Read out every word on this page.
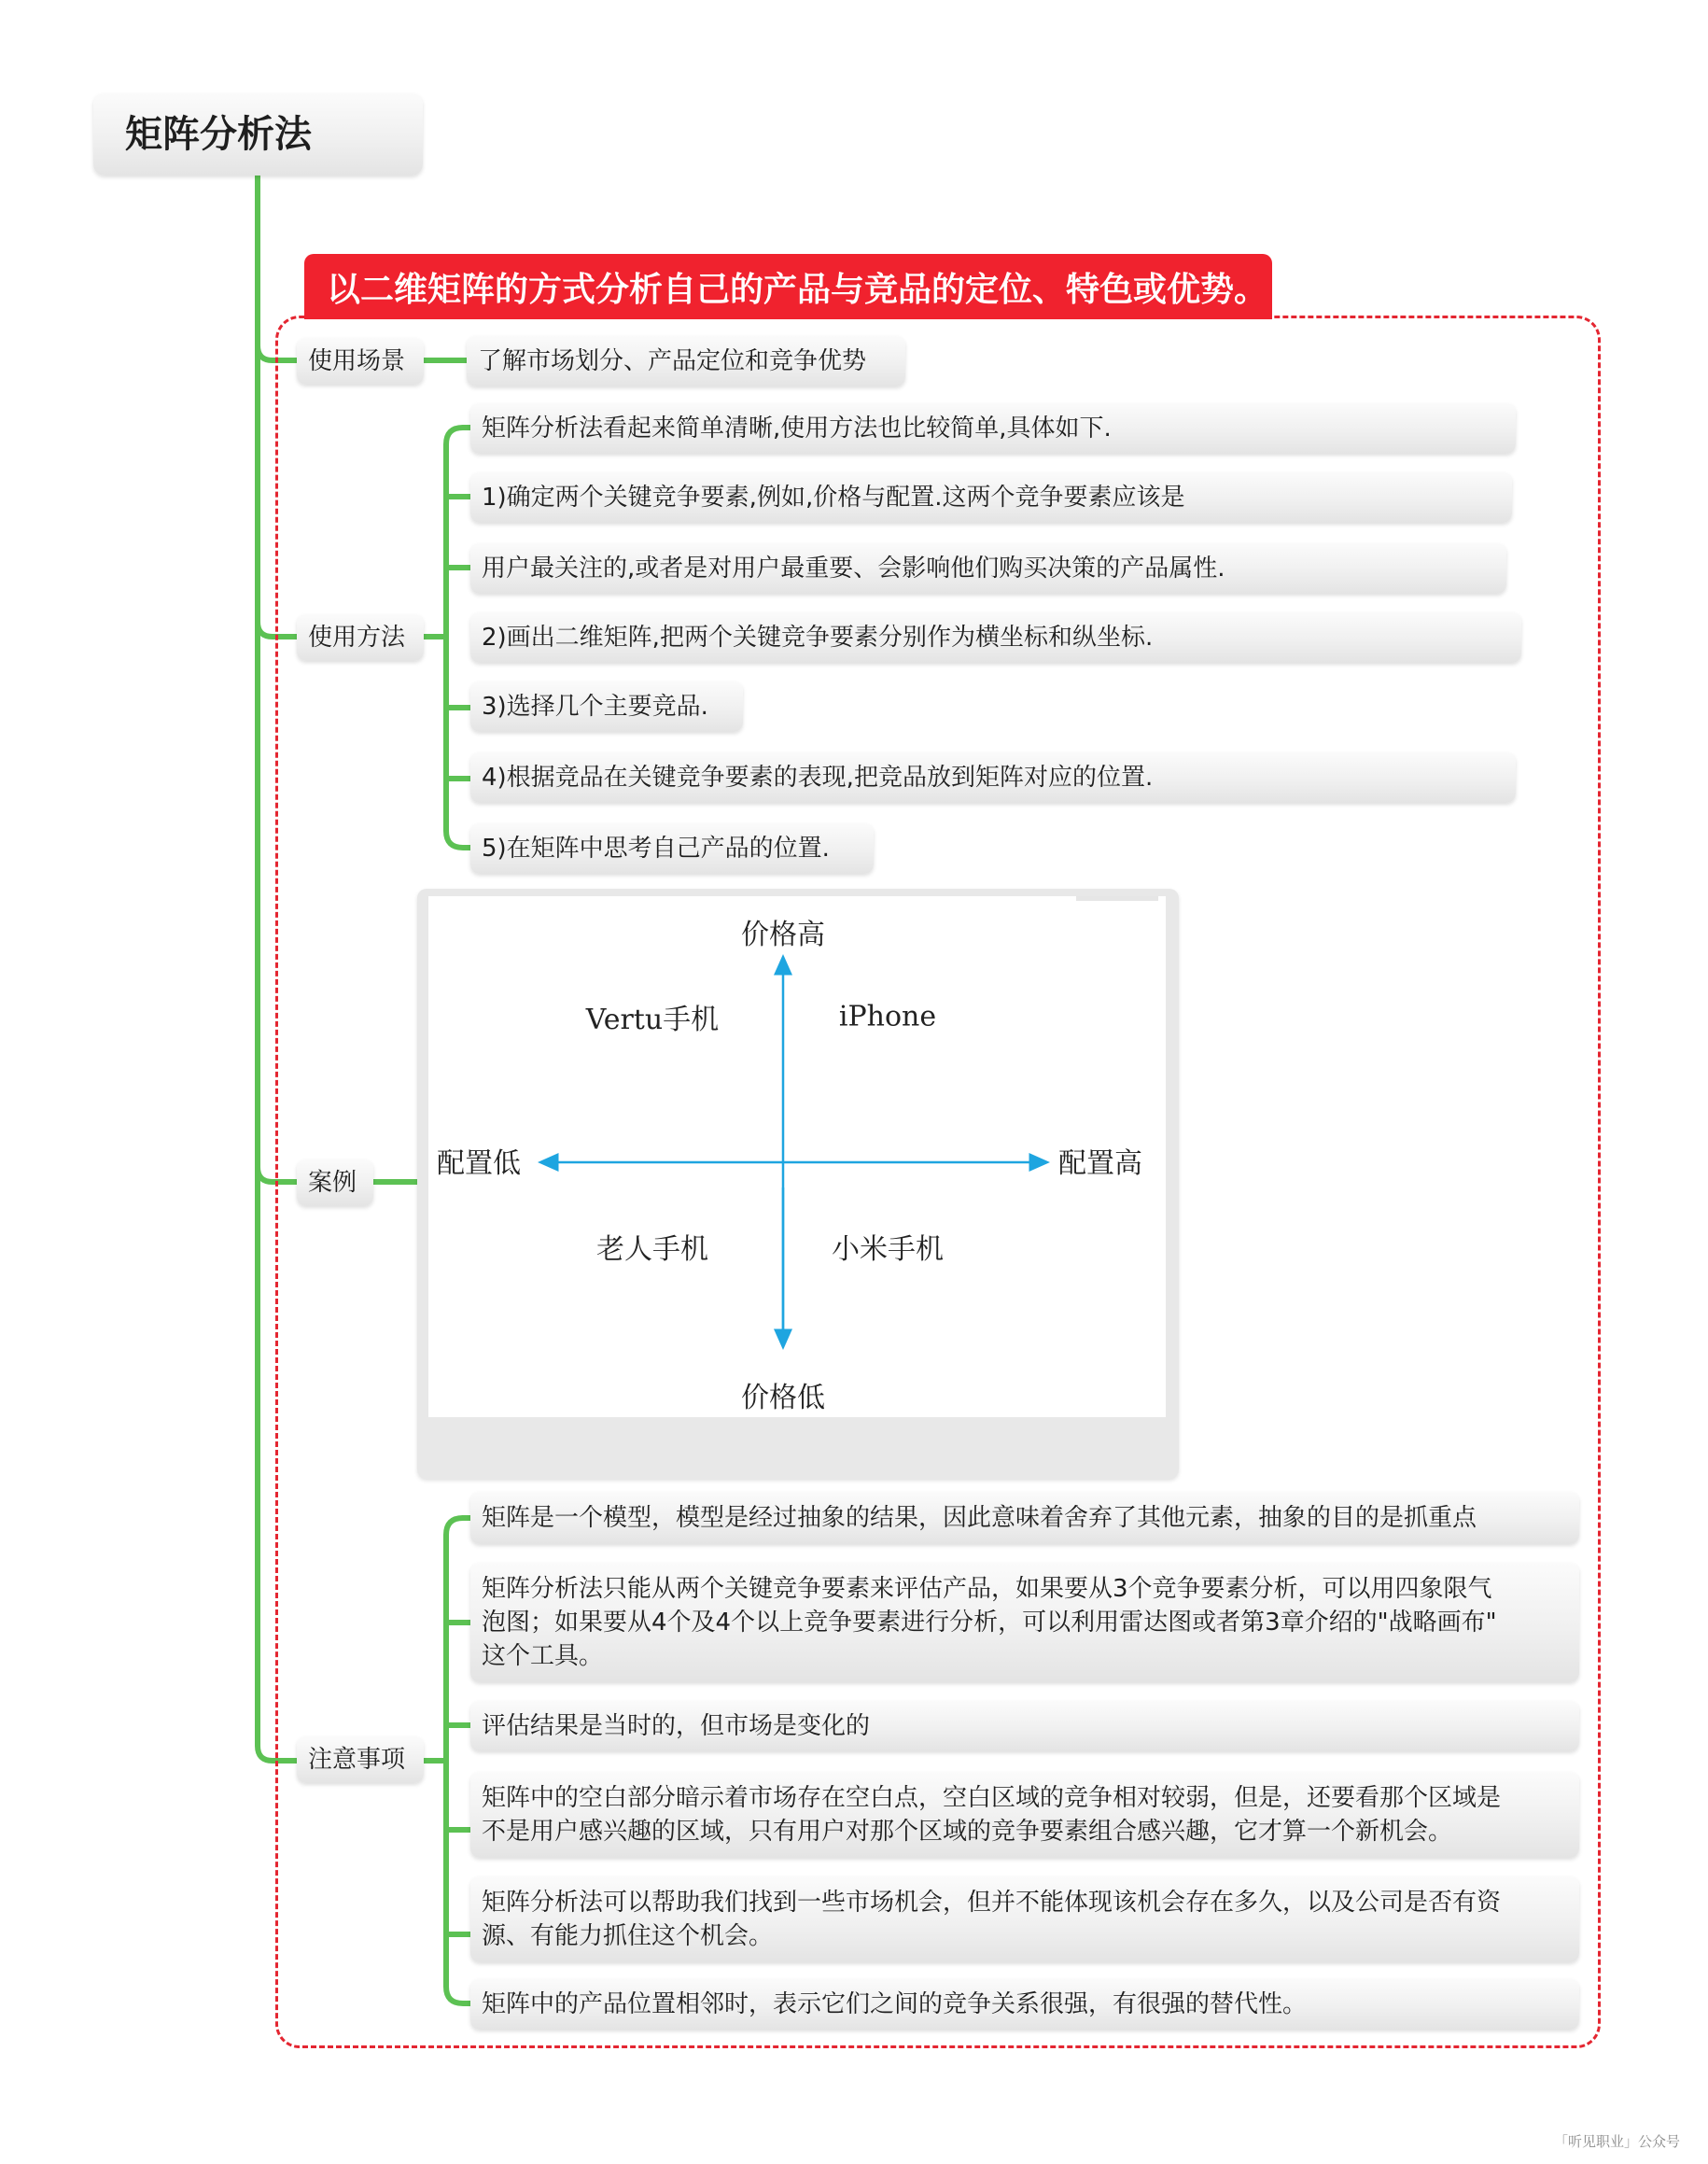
矩阵分析法
以二维矩阵的方式分析自己的产品与竞品的定位、特色或优势。
使用场景	了解市场划分、产品定位和竞争优势
使用方法
矩阵分析法看起来简单清晰,使用方法也比较简单,具体如下.
1)确定两个关键竞争要素,例如,价格与配置.这两个竞争要素应该是
用户最关注的,或者是对用户最重要、会影响他们购买决策的产品属性.
2)画出二维矩阵,把两个关键竞争要素分别作为横坐标和纵坐标.
3)选择几个主要竞品.
4)根据竞品在关键竞争要素的表现,把竞品放到矩阵对应的位置.
5)在矩阵中思考自己产品的位置.
案例
价格高
价格低
配置低	配置高
Vertu手机	iPhone
老人手机	小米手机
注意事项
矩阵是一个模型，模型是经过抽象的结果，因此意味着舍弃了其他元素，抽象的目的是抓重点
矩阵分析法只能从两个关键竞争要素来评估产品，如果要从3个竞争要素分析，可以用四象限气
泡图；如果要从4个及4个以上竞争要素进行分析，可以利用雷达图或者第3章介绍的"战略画布"
这个工具。
评估结果是当时的，但市场是变化的
矩阵中的空白部分暗示着市场存在空白点，空白区域的竞争相对较弱，但是，还要看那个区域是
不是用户感兴趣的区域，只有用户对那个区域的竞争要素组合感兴趣，它才算一个新机会。
矩阵分析法可以帮助我们找到一些市场机会，但并不能体现该机会存在多久，以及公司是否有资
源、有能力抓住这个机会。
矩阵中的产品位置相邻时，表示它们之间的竞争关系很强，有很强的替代性。
「听见职业」公众号
